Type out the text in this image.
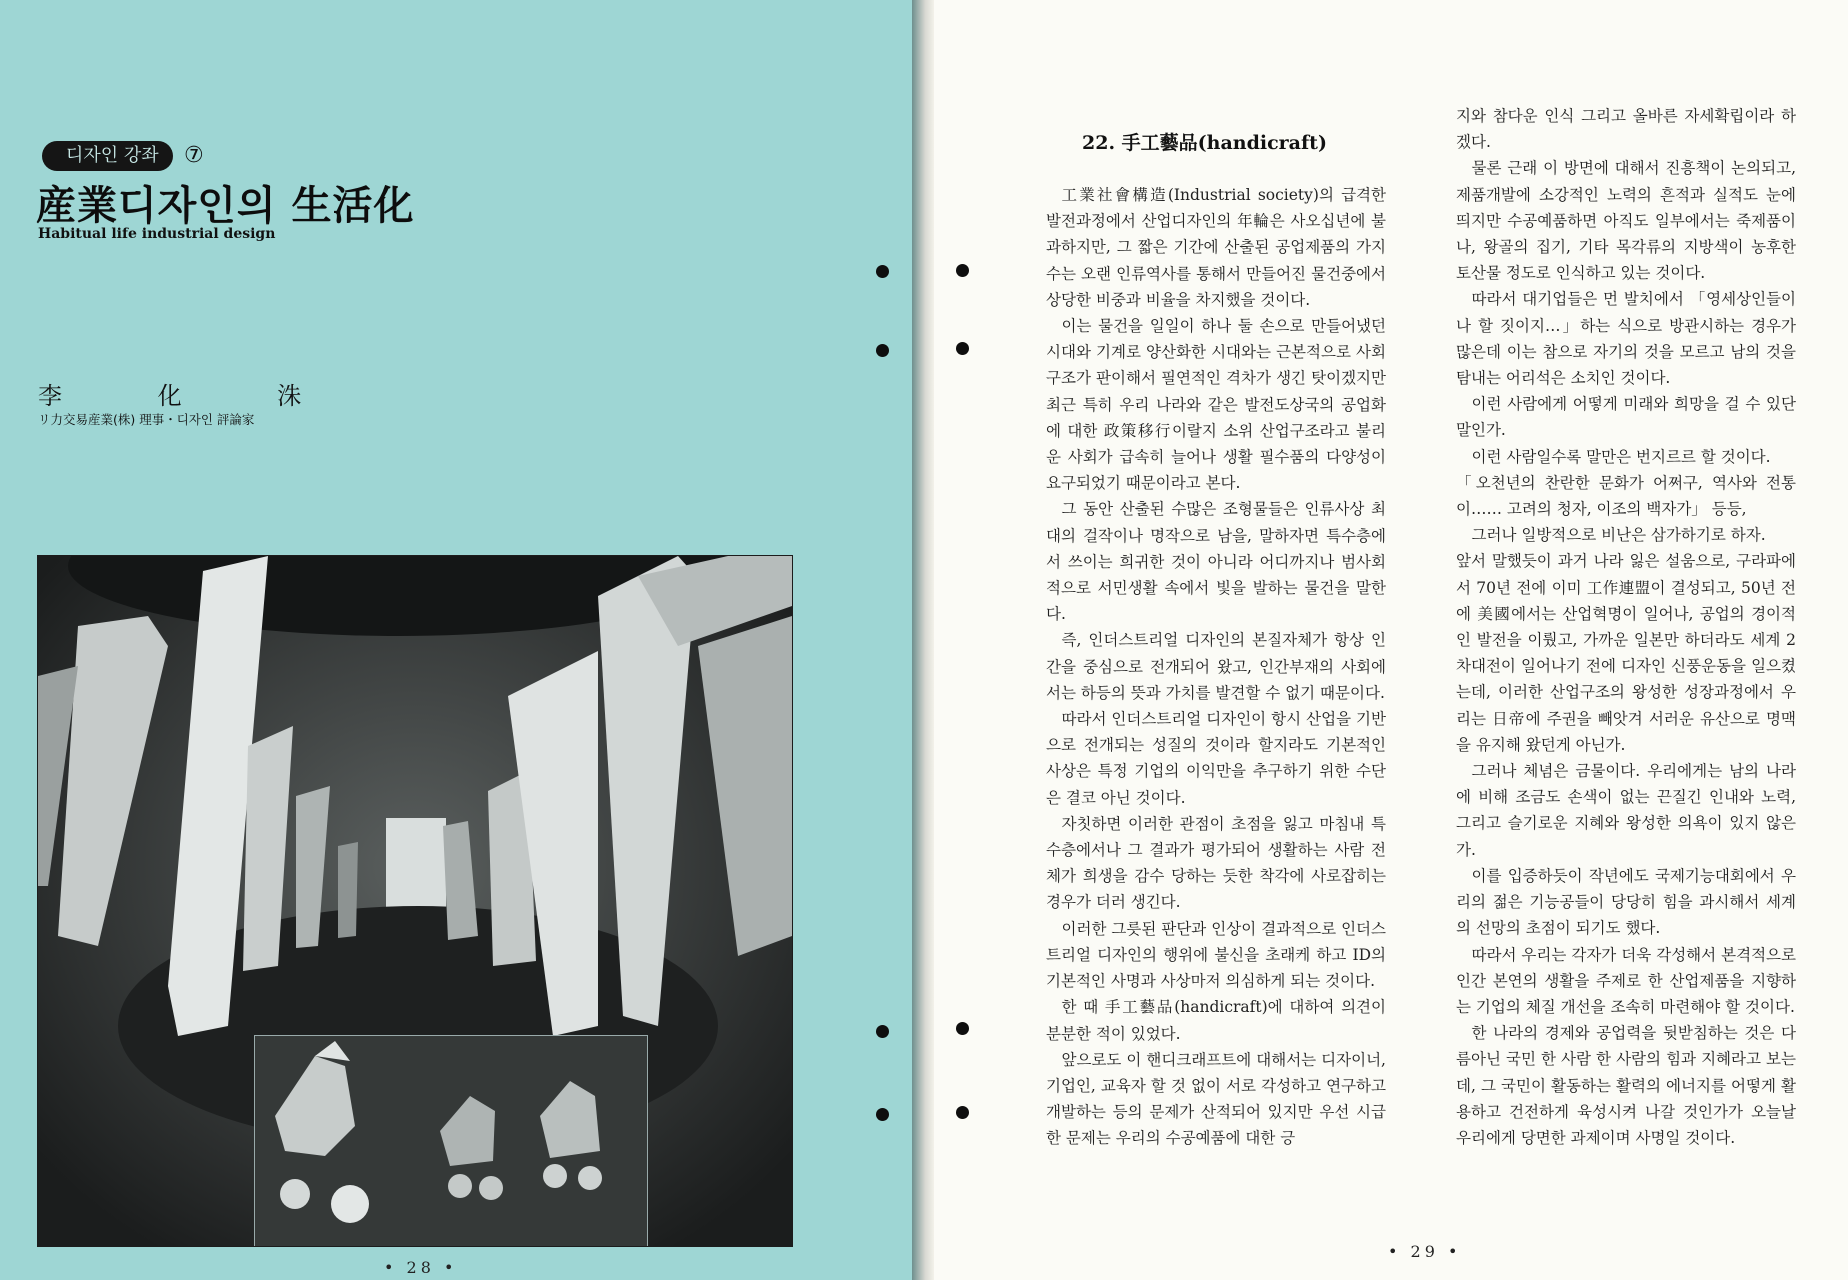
디자인 강좌	⑦
産業디자인의 生活化
Habitual life industrial design
李 化 洙
リ力交易産業(株) 理事・디자인 評論家
• 28 •
22. 手工藝品(handicraft)

工業社會構造(Industrial society)의 급격한 발전과정에서 산업디자인의 年輪은 사오십년에 불과하지만, 그 짧은 기간에 산출된 공업제품의 가지수는 오랜 인류역사를 통해서 만들어진 물건중에서 상당한 비중과 비율을 차지했을 것이다.

이는 물건을 일일이 하나 둘 손으로 만들어냈던 시대와 기계로 양산화한 시대와는 근본적으로 사회구조가 판이해서 필연적인 격차가 생긴 탓이겠지만 최근 특히 우리 나라와 같은 발전도상국의 공업화에 대한 政策移行이랄지 소위 산업구조라고 불리운 사회가 급속히 늘어나 생활 필수품의 다양성이 요구되었기 때문이라고 본다.

그 동안 산출된 수많은 조형물들은 인류사상 최대의 걸작이나 명작으로 남을, 말하자면 특수층에서 쓰이는 희귀한 것이 아니라 어디까지나 범사회적으로 서민생활 속에서 빛을 발하는 물건을 말한다.

즉, 인더스트리얼 디자인의 본질자체가 항상 인간을 중심으로 전개되어 왔고, 인간부재의 사회에서는 하등의 뜻과 가치를 발견할 수 없기 때문이다.

따라서 인더스트리얼 디자인이 항시 산업을 기반으로 전개되는 성질의 것이라 할지라도 기본적인 사상은 특정 기업의 이익만을 추구하기 위한 수단은 결코 아닌 것이다.

자칫하면 이러한 관점이 초점을 잃고 마침내 특수층에서나 그 결과가 평가되어 생활하는 사람 전체가 희생을 감수 당하는 듯한 착각에 사로잡히는 경우가 더러 생긴다.

이러한 그릇된 판단과 인상이 결과적으로 인더스트리얼 디자인의 행위에 불신을 초래케 하고 ID의 기본적인 사명과 사상마저 의심하게 되는 것이다.

한 때 手工藝品(handicraft)에 대하여 의견이 분분한 적이 있었다.

앞으로도 이 핸디크래프트에 대해서는 디자이너, 기업인, 교육자 할 것 없이 서로 각성하고 연구하고 개발하는 등의 문제가 산적되어 있지만 우선 시급한 문제는 우리의 수공예품에 대한 긍

지와 참다운 인식 그리고 올바른 자세확립이라 하겠다.

물론 근래 이 방면에 대해서 진흥책이 논의되고, 제품개발에 소강적인 노력의 흔적과 실적도 눈에 띄지만 수공예품하면 아직도 일부에서는 죽제품이나, 왕골의 집기, 기타 목각류의 지방색이 농후한 토산물 정도로 인식하고 있는 것이다.

따라서 대기업들은 먼 발치에서 「영세상인들이나 할 짓이지…」하는 식으로 방관시하는 경우가 많은데 이는 참으로 자기의 것을 모르고 남의 것을 탐내는 어리석은 소치인 것이다.

이런 사람에게 어떻게 미래와 희망을 걸 수 있단 말인가.

이런 사람일수록 말만은 번지르르 할 것이다.

「오천년의 찬란한 문화가 어쩌구, 역사와 전통이…… 고려의 청자, 이조의 백자가」 등등,

그러나 일방적으로 비난은 삼가하기로 하자.

앞서 말했듯이 과거 나라 잃은 설움으로, 구라파에서 70년 전에 이미 工作連盟이 결성되고, 50년 전에 美國에서는 산업혁명이 일어나, 공업의 경이적인 발전을 이뤘고, 가까운 일본만 하더라도 세계 2차대전이 일어나기 전에 디자인 신풍운동을 일으켰는데, 이러한 산업구조의 왕성한 성장과정에서 우리는 日帝에 주권을 빼앗겨 서러운 유산으로 명맥을 유지해 왔던게 아닌가.

그러나 체념은 금물이다. 우리에게는 남의 나라에 비해 조금도 손색이 없는 끈질긴 인내와 노력, 그리고 슬기로운 지혜와 왕성한 의욕이 있지 않은가.

이를 입증하듯이 작년에도 국제기능대회에서 우리의 젊은 기능공들이 당당히 힘을 과시해서 세계의 선망의 초점이 되기도 했다.

따라서 우리는 각자가 더욱 각성해서 본격적으로 인간 본연의 생활을 주제로 한 산업제품을 지향하는 기업의 체질 개선을 조속히 마련해야 할 것이다.

한 나라의 경제와 공업력을 뒷받침하는 것은 다름아닌 국민 한 사람 한 사람의 힘과 지혜라고 보는데, 그 국민이 활동하는 활력의 에너지를 어떻게 활용하고 건전하게 육성시켜 나갈 것인가가 오늘날 우리에게 당면한 과제이며 사명일 것이다.

• 29 •
